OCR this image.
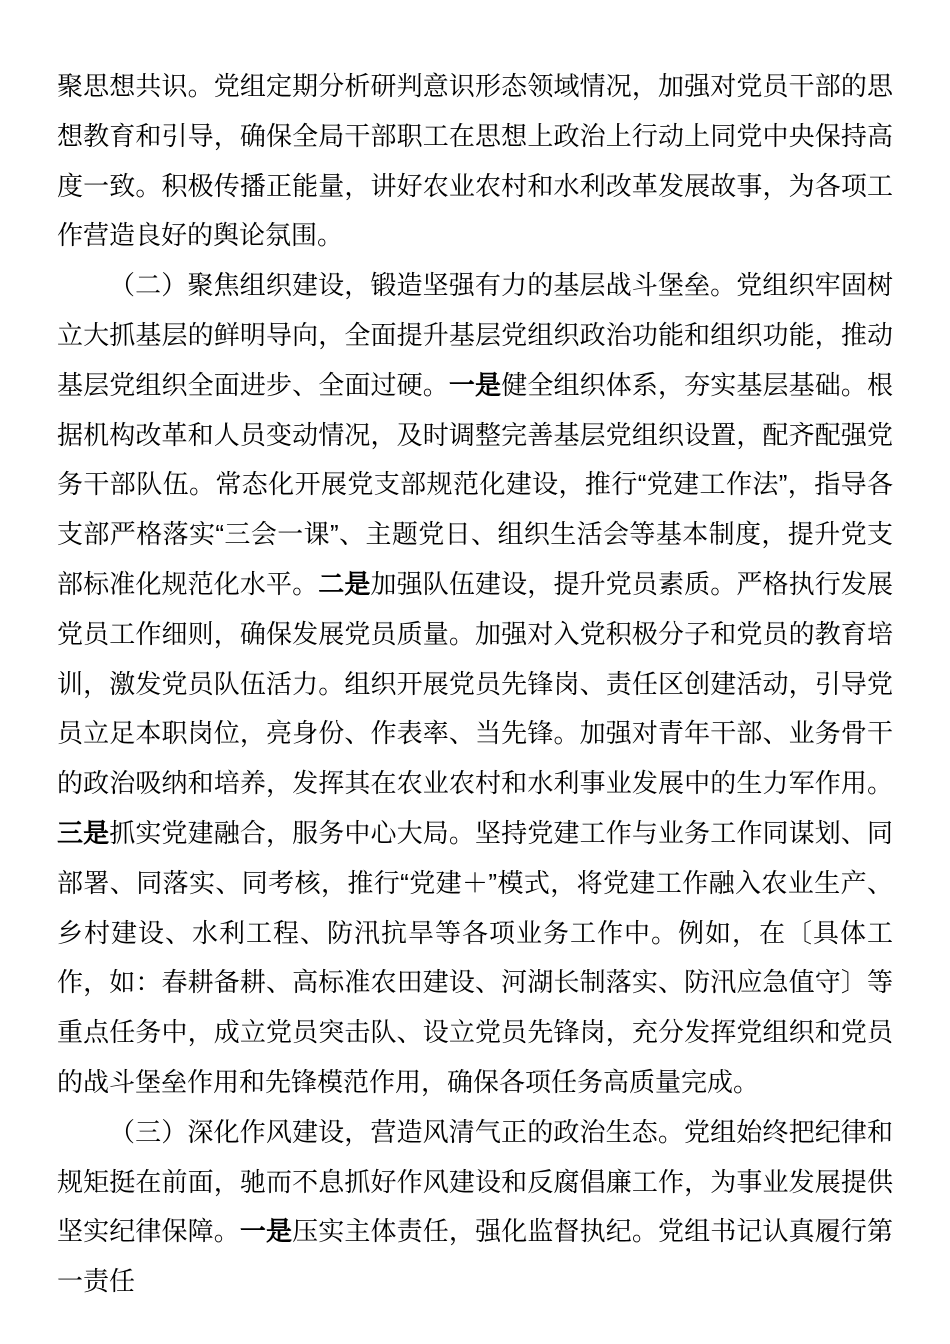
聚思想共识。党组定期分析研判意识形态领域情况，加强对党员干部的思想教育和引导，确保全局干部职工在思想上政治上行动上同党中央保持高度一致。积极传播正能量，讲好农业农村和水利改革发展故事，为各项工作营造良好的舆论氛围。

（二）聚焦组织建设，锻造坚强有力的基层战斗堡垒。党组织牢固树立大抓基层的鲜明导向，全面提升基层党组织政治功能和组织功能，推动基层党组织全面进步、全面过硬。一是健全组织体系，夯实基层基础。根据机构改革和人员变动情况，及时调整完善基层党组织设置，配齐配强党务干部队伍。常态化开展党支部规范化建设，推行“党建工作法”，指导各支部严格落实“三会一课”、主题党日、组织生活会等基本制度，提升党支部标准化规范化水平。二是加强队伍建设，提升党员素质。严格执行发展党员工作细则，确保发展党员质量。加强对入党积极分子和党员的教育培训，激发党员队伍活力。组织开展党员先锋岗、责任区创建活动，引导党员立足本职岗位，亮身份、作表率、当先锋。加强对青年干部、业务骨干的政治吸纳和培养，发挥其在农业农村和水利事业发展中的生力军作用。三是抓实党建融合，服务中心大局。坚持党建工作与业务工作同谋划、同部署、同落实、同考核，推行“党建＋”模式，将党建工作融入农业生产、乡村建设、水利工程、防汛抗旱等各项业务工作中。例如，在〔具体工作，如：春耕备耕、高标准农田建设、河湖长制落实、防汛应急值守〕等重点任务中，成立党员突击队、设立党员先锋岗，充分发挥党组织和党员的战斗堡垒作用和先锋模范作用，确保各项任务高质量完成。

（三）深化作风建设，营造风清气正的政治生态。党组始终把纪律和规矩挺在前面，驰而不息抓好作风建设和反腐倡廉工作，为事业发展提供坚实纪律保障。一是压实主体责任，强化监督执纪。党组书记认真履行第一责任
